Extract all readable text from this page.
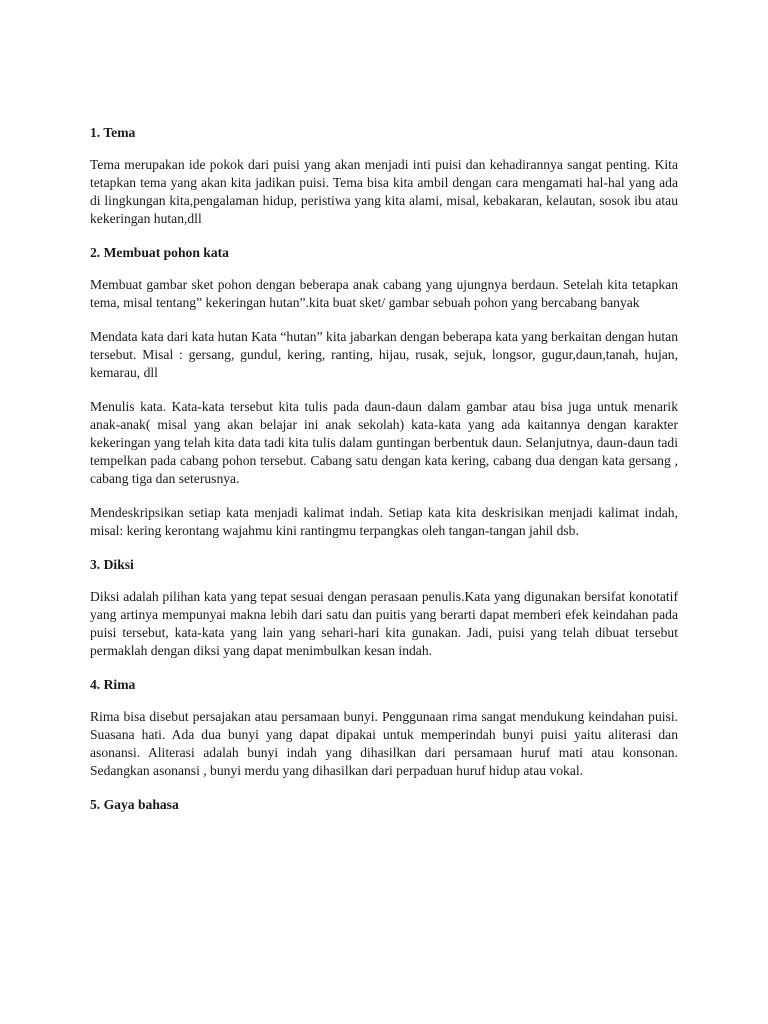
1. Tema
Tema merupakan ide pokok dari puisi yang akan menjadi inti puisi dan kehadirannya sangat penting. Kita tetapkan tema yang akan kita jadikan puisi. Tema bisa kita ambil dengan cara mengamati hal-hal yang ada di lingkungan kita,pengalaman hidup, peristiwa yang kita alami, misal, kebakaran, kelautan, sosok ibu atau kekeringan hutan,dll
2. Membuat pohon kata
Membuat gambar sket pohon dengan beberapa anak cabang yang ujungnya berdaun. Setelah kita tetapkan tema, misal tentang” kekeringan hutan”.kita buat sket/ gambar sebuah pohon yang bercabang banyak
Mendata kata dari kata hutan Kata “hutan” kita jabarkan dengan beberapa kata yang berkaitan dengan hutan tersebut. Misal : gersang, gundul, kering, ranting, hijau, rusak, sejuk, longsor, gugur,daun,tanah, hujan, kemarau, dll
Menulis kata. Kata-kata tersebut kita tulis pada daun-daun dalam gambar atau bisa juga untuk menarik anak-anak( misal yang akan belajar ini anak sekolah) kata-kata yang ada kaitannya dengan karakter kekeringan yang telah kita data tadi kita tulis dalam guntingan berbentuk daun. Selanjutnya, daun-daun tadi tempelkan pada cabang pohon tersebut. Cabang satu dengan kata kering, cabang dua dengan kata gersang , cabang tiga dan seterusnya.
Mendeskripsikan setiap kata menjadi kalimat indah. Setiap kata kita deskrisikan menjadi kalimat indah, misal: kering kerontang wajahmu kini rantingmu terpangkas oleh tangan-tangan jahil dsb.
3. Diksi
Diksi adalah pilihan kata yang tepat sesuai dengan perasaan penulis.Kata yang digunakan bersifat konotatif yang artinya mempunyai makna lebih dari satu dan puitis yang berarti dapat memberi efek keindahan pada puisi tersebut, kata-kata yang lain yang sehari-hari kita gunakan. Jadi, puisi yang telah dibuat tersebut permaklah dengan diksi yang dapat menimbulkan kesan indah.
4. Rima
Rima bisa disebut persajakan atau persamaan bunyi. Penggunaan rima sangat mendukung keindahan puisi. Suasana hati. Ada dua bunyi yang dapat dipakai untuk memperindah bunyi puisi yaitu aliterasi dan asonansi. Aliterasi adalah bunyi indah yang dihasilkan dari persamaan huruf mati atau konsonan. Sedangkan asonansi , bunyi merdu yang dihasilkan dari perpaduan huruf hidup atau vokal.
5. Gaya bahasa
